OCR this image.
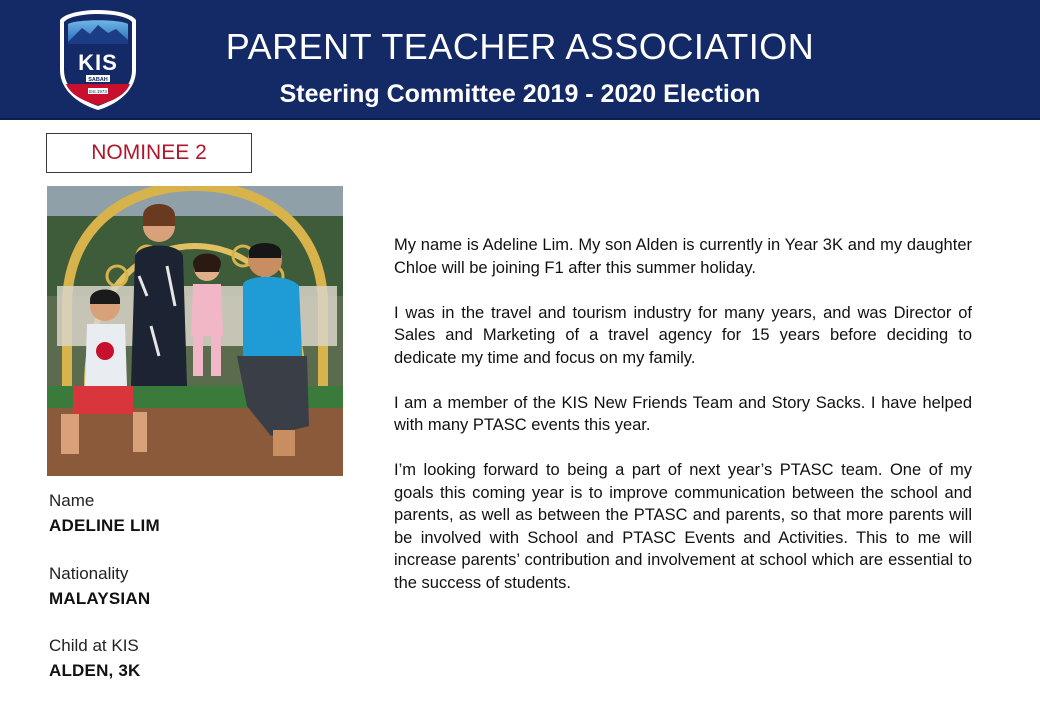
KIS
SABAH
Est.1973
PARENT TEACHER ASSOCIATION
Steering Committee 2019 - 2020 Election
NOMINEE 2
Name
ADELINE LIM
Nationality
MALAYSIAN
Child at KIS
ALDEN, 3K

My name is Adeline Lim. My son Alden is currently in Year 3K and my daughter Chloe will be joining F1 after this summer holiday.

I was in the travel and tourism industry for many years, and was Director of Sales and Marketing of a travel agency for 15 years before deciding to dedicate my time and focus on my family.

I am a member of the KIS New Friends Team and Story Sacks. I have helped with many PTASC events this year.

I’m looking forward to being a part of next year’s PTASC team. One of my goals this coming year is to improve communication between the school and parents, as well as between the PTASC and parents, so that more parents will be involved with School and PTASC Events and Activities. This to me will increase parents’ contribution and involvement at school which are essential to the success of students.
